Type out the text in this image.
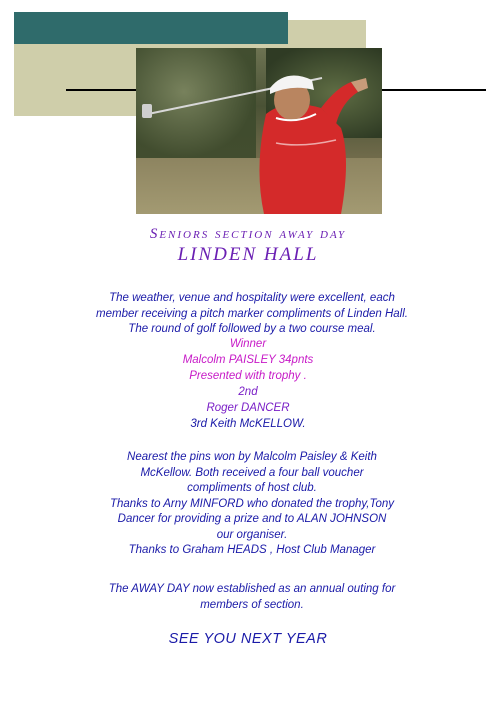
Seniors section away day
LINDEN HALL
The weather, venue and hospitality were excellent, each
member receiving a pitch marker compliments of Linden Hall.
The round of golf followed by a two course meal.
Winner
Malcolm PAISLEY 34pnts
Presented with trophy .
2nd
Roger DANCER
3rd Keith McKELLOW.
Nearest the pins won by Malcolm Paisley & Keith
McKellow. Both received a four ball voucher
compliments of host club.
Thanks to Arny MINFORD who donated the trophy,Tony
Dancer for providing a prize and to ALAN JOHNSON
our organiser.
Thanks to Graham HEADS , Host Club Manager
The AWAY DAY now established as an annual outing for
members of section.
SEE YOU NEXT YEAR
